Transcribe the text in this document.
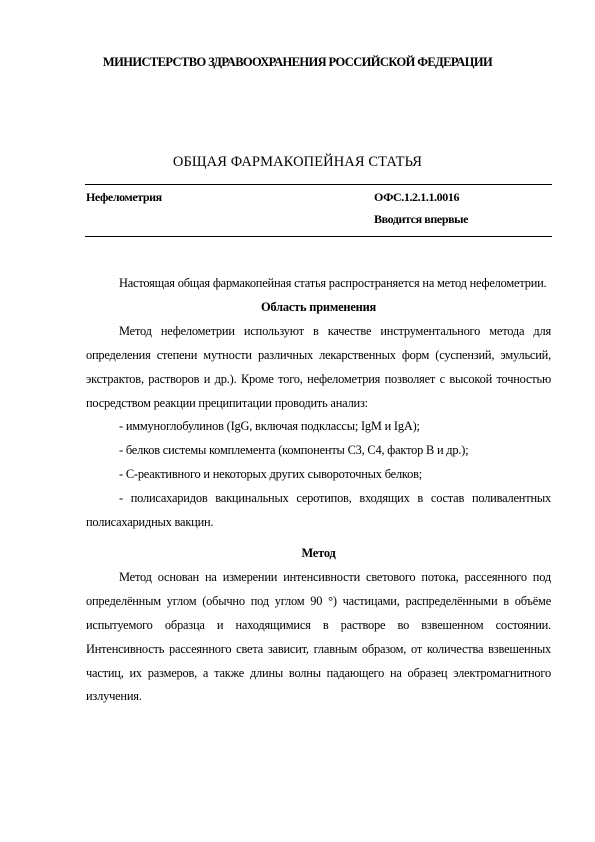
МИНИСТЕРСТВО ЗДРАВООХРАНЕНИЯ РОССИЙСКОЙ ФЕДЕРАЦИИ
ОБЩАЯ ФАРМАКОПЕЙНАЯ СТАТЬЯ
Нефелометрия	ОФС.1.2.1.1.0016
Вводится впервые

Настоящая общая фармакопейная статья распространяется на метод нефелометрии.

Область применения

Метод нефелометрии используют в качестве инструментального метода для определения степени мутности различных лекарственных форм (суспензий, эмульсий, экстрактов, растворов и др.). Кроме того, нефелометрия позволяет с высокой точностью посредством реакции преципитации проводить анализ:

- иммуноглобулинов (IgG, включая подклассы; IgM и IgA);

- белков системы комплемента (компоненты С3, С4, фактор В и др.);

- С-реактивного и некоторых других сывороточных белков;

- полисахаридов вакцинальных серотипов, входящих в состав поливалентных полисахаридных вакцин.

Метод

Метод основан на измерении интенсивности светового потока, рассеянного под определённым углом (обычно под углом 90 °) частицами, распределёнными в объёме испытуемого образца и находящимися в растворе во взвешенном состоянии. Интенсивность рассеянного света зависит, главным образом, от количества взвешенных частиц, их размеров, а также длины волны падающего на образец электромагнитного излучения.
